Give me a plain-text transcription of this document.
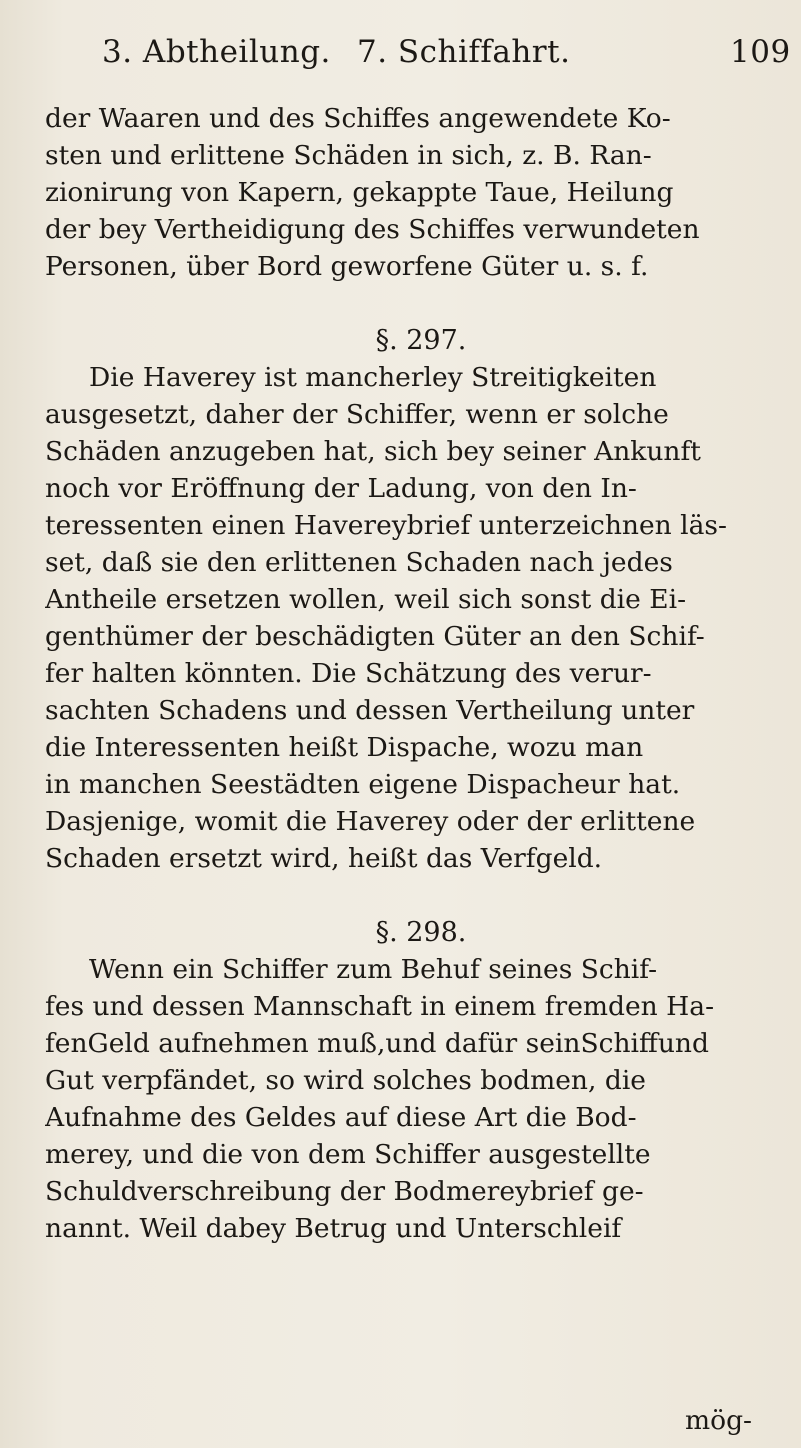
3. Abtheilung. 7. Schiffahrt.	109
der Waaren und des Schiffes angewendete Ko-
sten und erlittene Schäden in sich, z. B. Ran-
zionirung von Kapern, gekappte Taue, Heilung
der bey Vertheidigung des Schiffes verwundeten
Personen, über Bord geworfene Güter u. s. f.
§. 297.
Die Haverey ist mancherley Streitigkeiten
ausgesetzt, daher der Schiffer, wenn er solche
Schäden anzugeben hat, sich bey seiner Ankunft
noch vor Eröffnung der Ladung, von den In-
teressenten einen Havereybrief unterzeichnen läs-
set, daß sie den erlittenen Schaden nach jedes
Antheile ersetzen wollen, weil sich sonst die Ei-
genthümer der beschädigten Güter an den Schif-
fer halten könnten. Die Schätzung des verur-
sachten Schadens und dessen Vertheilung unter
die Interessenten heißt Dispache, wozu man
in manchen Seestädten eigene Dispacheur hat.
Dasjenige, womit die Haverey oder der erlittene
Schaden ersetzt wird, heißt das Verfgeld.
§. 298.
Wenn ein Schiffer zum Behuf seines Schif-
fes und dessen Mannschaft in einem fremden Ha-
fenGeld aufnehmen muß,und dafür seinSchiffund
Gut verpfändet, so wird solches bodmen, die
Aufnahme des Geldes auf diese Art die Bod-
merey, und die von dem Schiffer ausgestellte
Schuldverschreibung der Bodmereybrief ge-
nannt. Weil dabey Betrug und Unterschleif
mög-
